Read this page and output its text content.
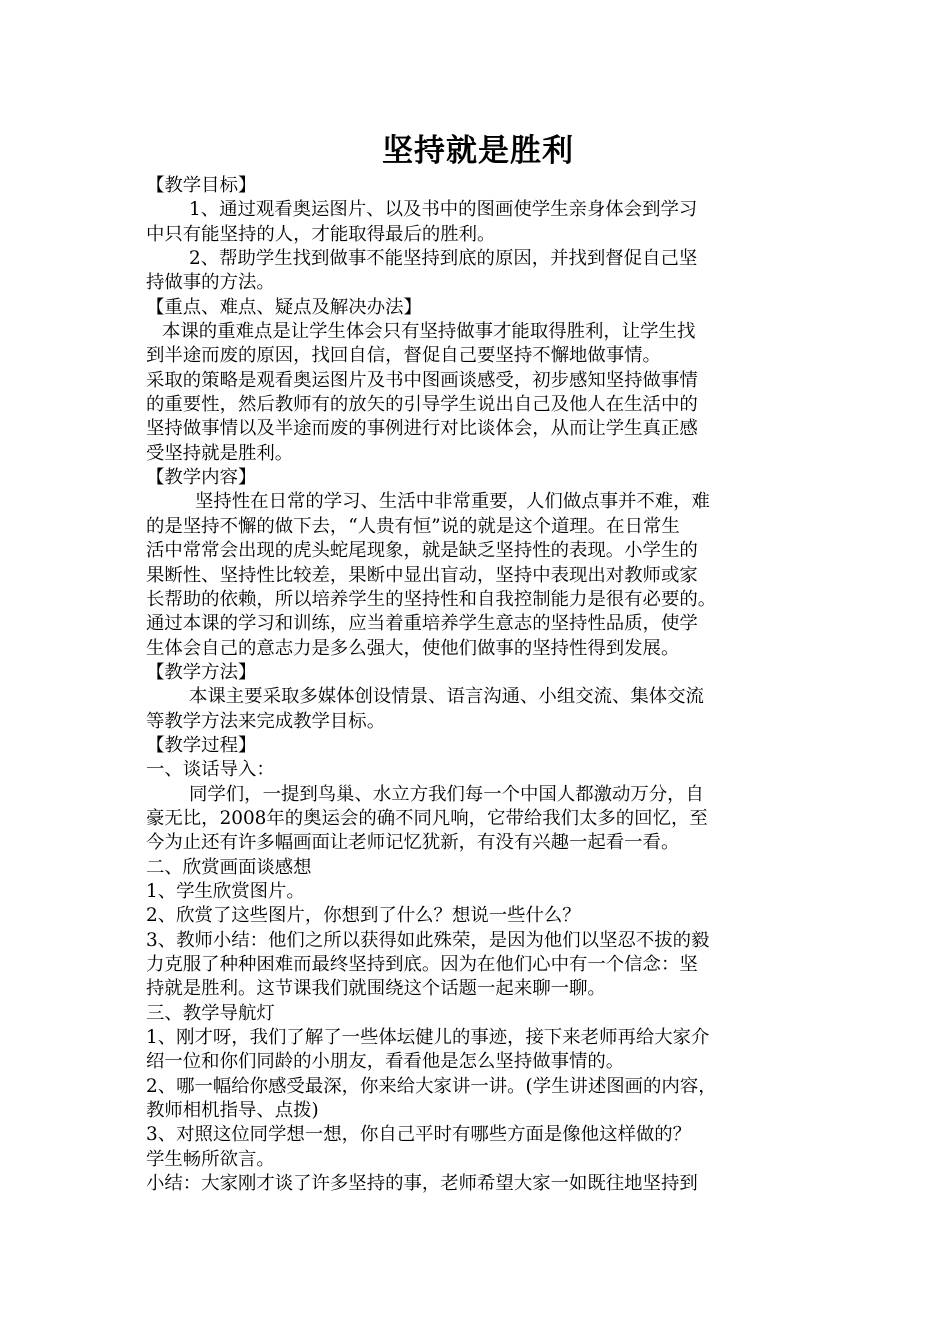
坚持就是胜利

【教学目标】

1、通过观看奥运图片、以及书中的图画使学生亲身体会到学习

中只有能坚持的人，才能取得最后的胜利。

2、帮助学生找到做事不能坚持到底的原因，并找到督促自己坚

持做事的方法。

【重点、难点、疑点及解决办法】

本课的重难点是让学生体会只有坚持做事才能取得胜利，让学生找

到半途而废的原因，找回自信，督促自己要坚持不懈地做事情。

采取的策略是观看奥运图片及书中图画谈感受，初步感知坚持做事情

的重要性，然后教师有的放矢的引导学生说出自己及他人在生活中的

坚持做事情以及半途而废的事例进行对比谈体会，从而让学生真正感

受坚持就是胜利。

【教学内容】

坚持性在日常的学习、生活中非常重要，人们做点事并不难，难

的是坚持不懈的做下去，“人贵有恒”说的就是这个道理。在日常生

活中常常会出现的虎头蛇尾现象，就是缺乏坚持性的表现。小学生的

果断性、坚持性比较差，果断中显出盲动，坚持中表现出对教师或家

长帮助的依赖，所以培养学生的坚持性和自我控制能力是很有必要的。

通过本课的学习和训练，应当着重培养学生意志的坚持性品质，使学

生体会自己的意志力是多么强大，使他们做事的坚持性得到发展。

【教学方法】

本课主要采取多媒体创设情景、语言沟通、小组交流、集体交流

等教学方法来完成教学目标。

【教学过程】

一、谈话导入：

同学们，一提到鸟巢、水立方我们每一个中国人都激动万分，自

豪无比，2008年的奥运会的确不同凡响，它带给我们太多的回忆，至

今为止还有许多幅画面让老师记忆犹新，有没有兴趣一起看一看。

二、欣赏画面谈感想

1、学生欣赏图片。

2、欣赏了这些图片，你想到了什么？想说一些什么？

3、教师小结：他们之所以获得如此殊荣，是因为他们以坚忍不拔的毅

力克服了种种困难而最终坚持到底。因为在他们心中有一个信念：坚

持就是胜利。这节课我们就围绕这个话题一起来聊一聊。

三、教学导航灯

1、刚才呀，我们了解了一些体坛健儿的事迹，接下来老师再给大家介

绍一位和你们同龄的小朋友，看看他是怎么坚持做事情的。

2、哪一幅给你感受最深，你来给大家讲一讲。(学生讲述图画的内容，

教师相机指导、点拨)

3、对照这位同学想一想，你自己平时有哪些方面是像他这样做的？

学生畅所欲言。

小结：大家刚才谈了许多坚持的事，老师希望大家一如既往地坚持到
